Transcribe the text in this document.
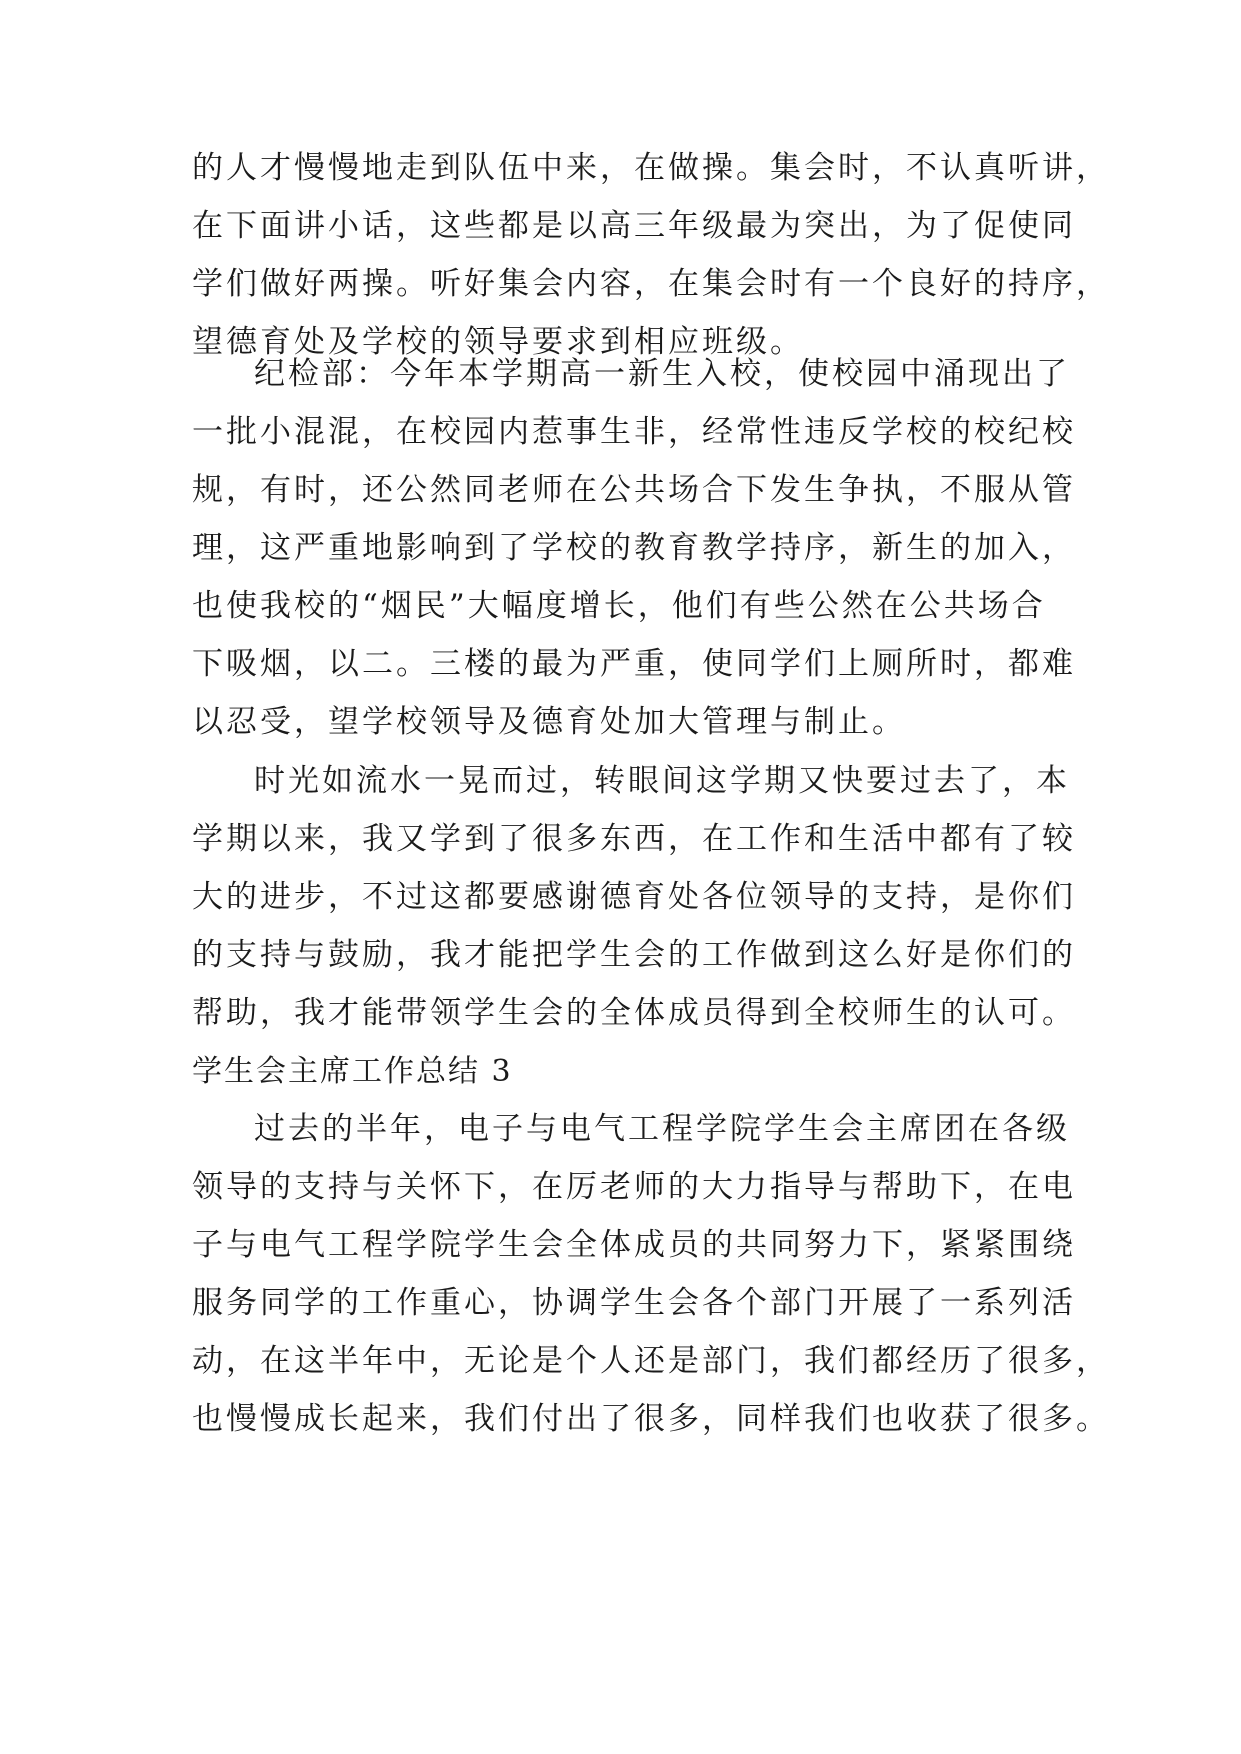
的人才慢慢地走到队伍中来，在做操。集会时，不认真听讲，
在下面讲小话，这些都是以高三年级最为突出，为了促使同
学们做好两操。听好集会内容，在集会时有一个良好的持序，
望德育处及学校的领导要求到相应班级。
纪检部：今年本学期高一新生入校，使校园中涌现出了
一批小混混，在校园内惹事生非，经常性违反学校的校纪校
规，有时，还公然同老师在公共场合下发生争执，不服从管
理，这严重地影响到了学校的教育教学持序，新生的加入，
也使我校的“烟民”大幅度增长，他们有些公然在公共场合
下吸烟，以二。三楼的最为严重，使同学们上厕所时，都难
以忍受，望学校领导及德育处加大管理与制止。
时光如流水一晃而过，转眼间这学期又快要过去了，本
学期以来，我又学到了很多东西，在工作和生活中都有了较
大的进步，不过这都要感谢德育处各位领导的支持，是你们
的支持与鼓励，我才能把学生会的工作做到这么好是你们的
帮助，我才能带领学生会的全体成员得到全校师生的认可。
学生会主席工作总结 3
过去的半年，电子与电气工程学院学生会主席团在各级
领导的支持与关怀下，在厉老师的大力指导与帮助下，在电
子与电气工程学院学生会全体成员的共同努力下，紧紧围绕
服务同学的工作重心，协调学生会各个部门开展了一系列活
动，在这半年中，无论是个人还是部门，我们都经历了很多，
也慢慢成长起来，我们付出了很多，同样我们也收获了很多。
